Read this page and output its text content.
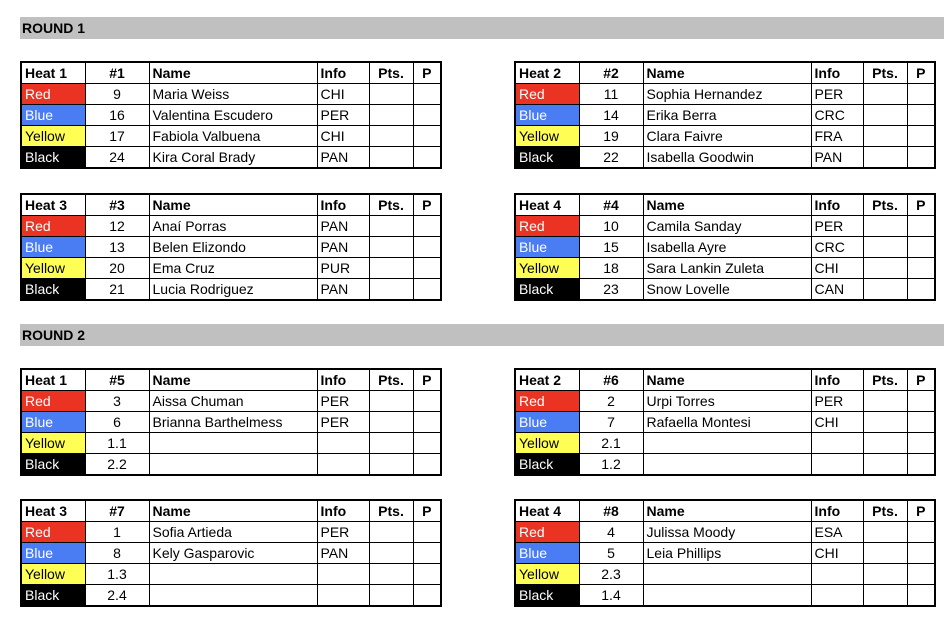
ROUND 1
Heat 1	#1	Name	Info	Pts.	P
Red	9	Maria Weiss	CHI		
Blue	16	Valentina Escudero	PER		
Yellow	17	Fabiola Valbuena	CHI		
Black	24	Kira Coral Brady	PAN		
Heat 2	#2	Name	Info	Pts.	P
Red	11	Sophia Hernandez	PER		
Blue	14	Erika Berra	CRC		
Yellow	19	Clara Faivre	FRA		
Black	22	Isabella Goodwin	PAN		
Heat 3	#3	Name	Info	Pts.	P
Red	12	Anaí Porras	PAN		
Blue	13	Belen Elizondo	PAN		
Yellow	20	Ema Cruz	PUR		
Black	21	Lucia Rodriguez	PAN		
Heat 4	#4	Name	Info	Pts.	P
Red	10	Camila Sanday	PER		
Blue	15	Isabella Ayre	CRC		
Yellow	18	Sara Lankin Zuleta	CHI		
Black	23	Snow Lovelle	CAN		
ROUND 2
Heat 1	#5	Name	Info	Pts.	P
Red	3	Aissa Chuman	PER		
Blue	6	Brianna Barthelmess	PER		
Yellow	1.1				
Black	2.2				
Heat 2	#6	Name	Info	Pts.	P
Red	2	Urpi Torres	PER		
Blue	7	Rafaella Montesi	CHI		
Yellow	2.1				
Black	1.2				
Heat 3	#7	Name	Info	Pts.	P
Red	1	Sofia Artieda	PER		
Blue	8	Kely Gasparovic	PAN		
Yellow	1.3				
Black	2.4				
Heat 4	#8	Name	Info	Pts.	P
Red	4	Julissa Moody	ESA		
Blue	5	Leia Phillips	CHI		
Yellow	2.3				
Black	1.4				
